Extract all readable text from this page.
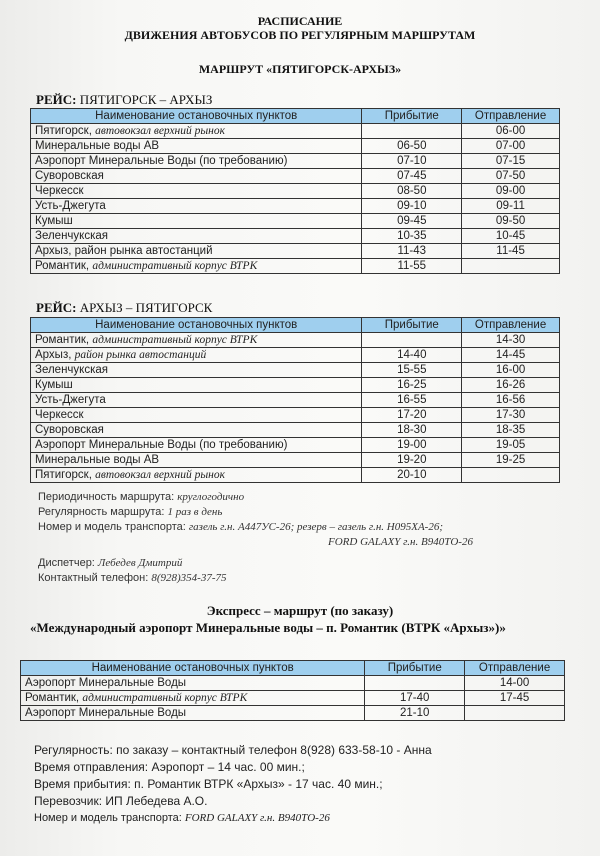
РАСПИСАНИЕ
ДВИЖЕНИЯ АВТОБУСОВ ПО РЕГУЛЯРНЫМ МАРШРУТАМ
МАРШРУТ «ПЯТИГОРСК-АРХЫЗ»
РЕЙС: ПЯТИГОРСК – АРХЫЗ
Наименование остановочных пунктов	Прибытие	Отправление
Пятигорск, автовокзал верхний рынок		06-00
Минеральные воды АВ	06-50	07-00
Аэропорт Минеральные Воды (по требованию)	07-10	07-15
Суворовская	07-45	07-50
Черкесск	08-50	09-00
Усть-Джегута	09-10	09-11
Кумыш	09-45	09-50
Зеленчукская	10-35	10-45
Архыз, район рынка автостанций	11-43	11-45
Романтик, административный корпус ВТРК	11-55	
РЕЙС: АРХЫЗ – ПЯТИГОРСК
Наименование остановочных пунктов	Прибытие	Отправление
Романтик, административный корпус ВТРК		14-30
Архыз, район рынка автостанций	14-40	14-45
Зеленчукская	15-55	16-00
Кумыш	16-25	16-26
Усть-Джегута	16-55	16-56
Черкесск	17-20	17-30
Суворовская	18-30	18-35
Аэропорт Минеральные Воды (по требованию)	19-00	19-05
Минеральные воды АВ	19-20	19-25
Пятигорск, автовокзал верхний рынок	20-10	
Периодичность маршрута: круглогодично
Регулярность маршрута: 1 раз в день
Номер и модель транспорта: газель г.н. А447УС-26; резерв – газель г.н. Н095ХА-26;
FORD GALAXY г.н. В940ТО-26
Диспетчер: Лебедев Дмитрий
Контактный телефон: 8(928)354-37-75
Экспресс – маршрут (по заказу)
«Международный аэропорт Минеральные воды – п. Романтик (ВТРК «Архыз»)»
Наименование остановочных пунктов	Прибытие	Отправление
Аэропорт Минеральные Воды		14-00
Романтик, административный корпус ВТРК	17-40	17-45
Аэропорт Минеральные Воды	21-10	
Регулярность: по заказу – контактный телефон 8(928) 633-58-10 - Анна
Время отправления: Аэропорт – 14 час. 00 мин.;
Время прибытия: п. Романтик ВТРК «Архыз» - 17 час. 40 мин.;
Перевозчик: ИП Лебедева А.О.
Номер и модель транспорта: FORD GALAXY г.н. В940ТО-26
